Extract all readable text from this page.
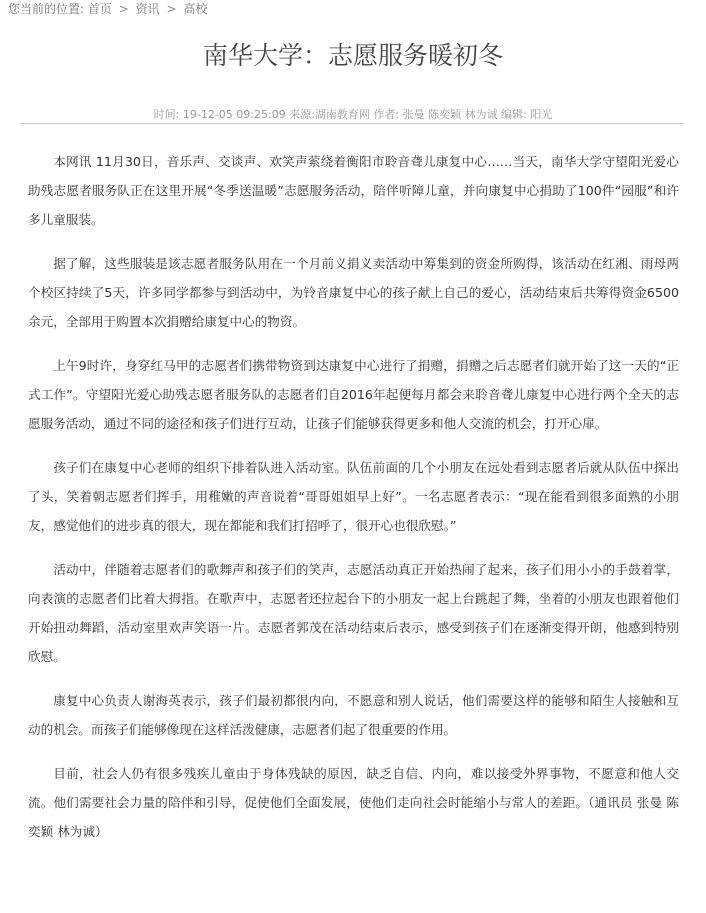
您当前的位置: 首页 > 资讯 > 高校
南华大学：志愿服务暖初冬
时间: 19-12-05 09:25:09 来源:湖南教育网 作者: 张曼 陈奕颖 林为诚 编辑: 阳光

本网讯 11月30日，音乐声、交谈声、欢笑声萦绕着衡阳市聆音聋儿康复中心……当天，南华大学守望阳光爱心助残志愿者服务队正在这里开展“冬季送温暖”志愿服务活动，陪伴听障儿童，并向康复中心捐助了100件“园服”和许多儿童服装。

据了解，这些服装是该志愿者服务队用在一个月前义捐义卖活动中筹集到的资金所购得，该活动在红湘、雨母两个校区持续了5天，许多同学都参与到活动中，为铃音康复中心的孩子献上自己的爱心，活动结束后共筹得资金6500余元，全部用于购置本次捐赠给康复中心的物资。

上午9时许，身穿红马甲的志愿者们携带物资到达康复中心进行了捐赠，捐赠之后志愿者们就开始了这一天的“正式工作”。守望阳光爱心助残志愿者服务队的志愿者们自2016年起便每月都会来聆音聋儿康复中心进行两个全天的志愿服务活动，通过不同的途径和孩子们进行互动，让孩子们能够获得更多和他人交流的机会，打开心扉。

孩子们在康复中心老师的组织下排着队进入活动室。队伍前面的几个小朋友在远处看到志愿者后就从队伍中探出了头，笑着朝志愿者们挥手，用稚嫩的声音说着“哥哥姐姐早上好”。一名志愿者表示：“现在能看到很多面熟的小朋友，感觉他们的进步真的很大，现在都能和我们打招呼了，很开心也很欣慰。”

活动中，伴随着志愿者们的歌舞声和孩子们的笑声，志愿活动真正开始热闹了起来，孩子们用小小的手鼓着掌，向表演的志愿者们比着大拇指。在歌声中，志愿者还拉起台下的小朋友一起上台跳起了舞，坐着的小朋友也跟着他们开始扭动舞蹈，活动室里欢声笑语一片。志愿者郭茂在活动结束后表示，感受到孩子们在逐渐变得开朗，他感到特别欣慰。

康复中心负责人谢海英表示，孩子们最初都很内向，不愿意和别人说话，他们需要这样的能够和陌生人接触和互动的机会。而孩子们能够像现在这样活泼健康，志愿者们起了很重要的作用。

目前，社会人仍有很多残疾儿童由于身体残缺的原因，缺乏自信、内向，难以接受外界事物，不愿意和他人交流。他们需要社会力量的陪伴和引导，促使他们全面发展，使他们走向社会时能缩小与常人的差距。（通讯员 张曼 陈奕颖 林为诚）
